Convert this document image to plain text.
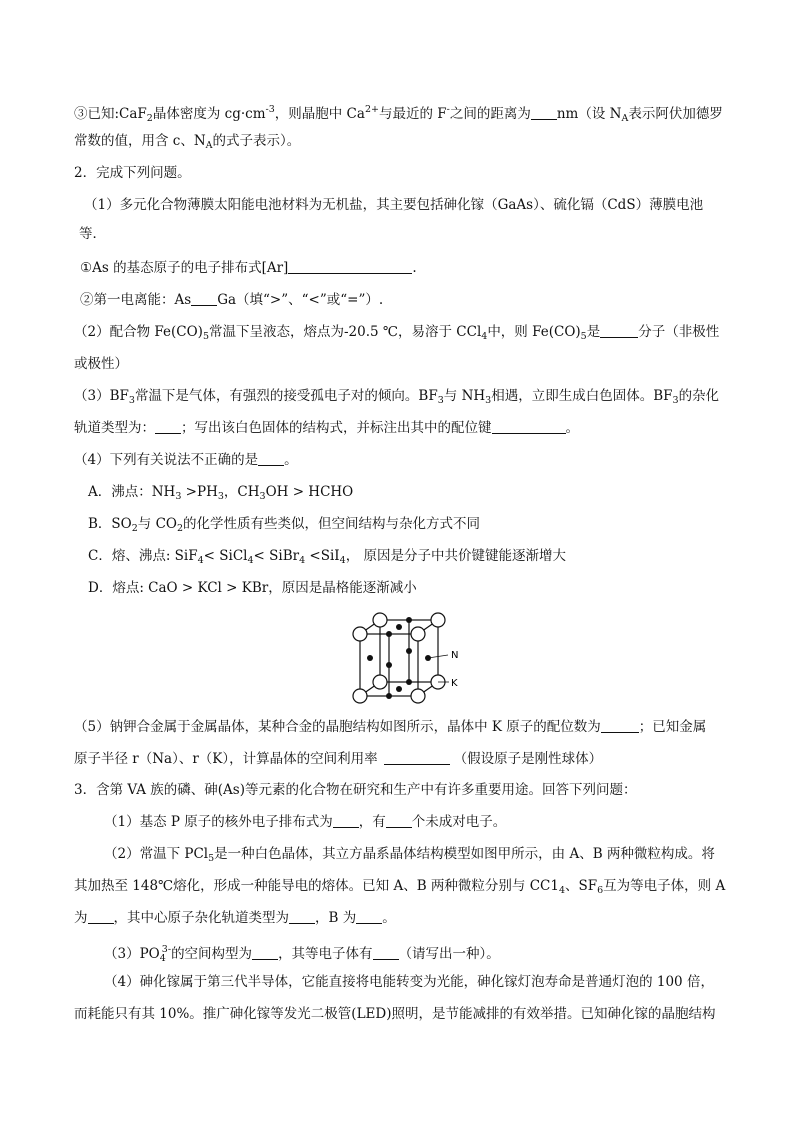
③已知:CaF$_2$晶体密度为 $cg\cdot cm^{-3}$，则晶胞中 $Ca^{2+}$与最近的 F-之间的距离为 nm（设 $N_A$表示阿伏加德罗
常数的值，用含 c、$N_A$的式子表示）。
2．完成下列问题。
（1）多元化合物薄膜太阳能电池材料为无机盐，其主要包括砷化镓（GaAs）、硫化镉（CdS）薄膜电池
等．
①As 的基态原子的电子排布式[Ar]	.
②第一电离能：As Ga（填“>”、“<”或“=”）.
（2）配合物 $Fe(CO)_5$常温下呈液态，熔点为-20.5 ℃，易溶于 CCl$_4$中，则 $Fe(CO)_5$是	分子（非极性
或极性）
$(3)BF_3$常温下是气体，有强烈的接受孤电子对的倾向。$BF_3$与 $NH_3$相遇，立即生成白色固体。$BF_3$的杂化
轨道类型为： ；写出该白色固体的结构式，并标注出其中的配位键	。
（4）下列有关说法不正确的是 。
A．沸点：$NH_3 >PH_3$，$CH_3OH$ > HCHO
B．$SO_2$与 $CO_2$的化学性质有些类似，但空间结构与杂化方式不同
C．熔、沸点: SiF$_4$< SiCl$_4$< SiBr$_4$ <SiI$_4$， 原因是分子中共价键键能逐渐增大
D．熔点: CaO > KCl > KBr，原因是晶格能逐渐减小
N
K
（5）钠钾合金属于金属晶体，某种合金的晶胞结构如图所示，晶体中 K 原子的配位数为	；已知金属
原子半径 r（Na）、r（K），计算晶体的空间利用率	（假设原子是刚性球体）
3．含第 VA 族的磷、砷(As)等元素的化合物在研究和生产中有许多重要用途。回答下列问题：
（1）基态 P 原子的核外电子排布式为 ，有 个未成对电子。
（2）常温下 PCl$_5$是一种白色晶体，其立方晶系晶体结构模型如图甲所示，由 A、B 两种微粒构成。将
其加热至 148℃熔化，形成一种能导电的熔体。已知 A、B 两种微粒分别与 $CC1_4$、$SF_6$互为等电子体，则 A
为 ，其中心原子杂化轨道类型为 ，B 为 。
$(3)PO_4^{3-}$的空间构型为 ，其等电子体有 （请写出一种）。
（4）砷化镓属于第三代半导体，它能直接将电能转变为光能，砷化镓灯泡寿命是普通灯泡的 100 倍，
而耗能只有其 10%。推广砷化镓等发光二极管(LED)照明，是节能减排的有效举措。已知砷化镓的晶胞结构
